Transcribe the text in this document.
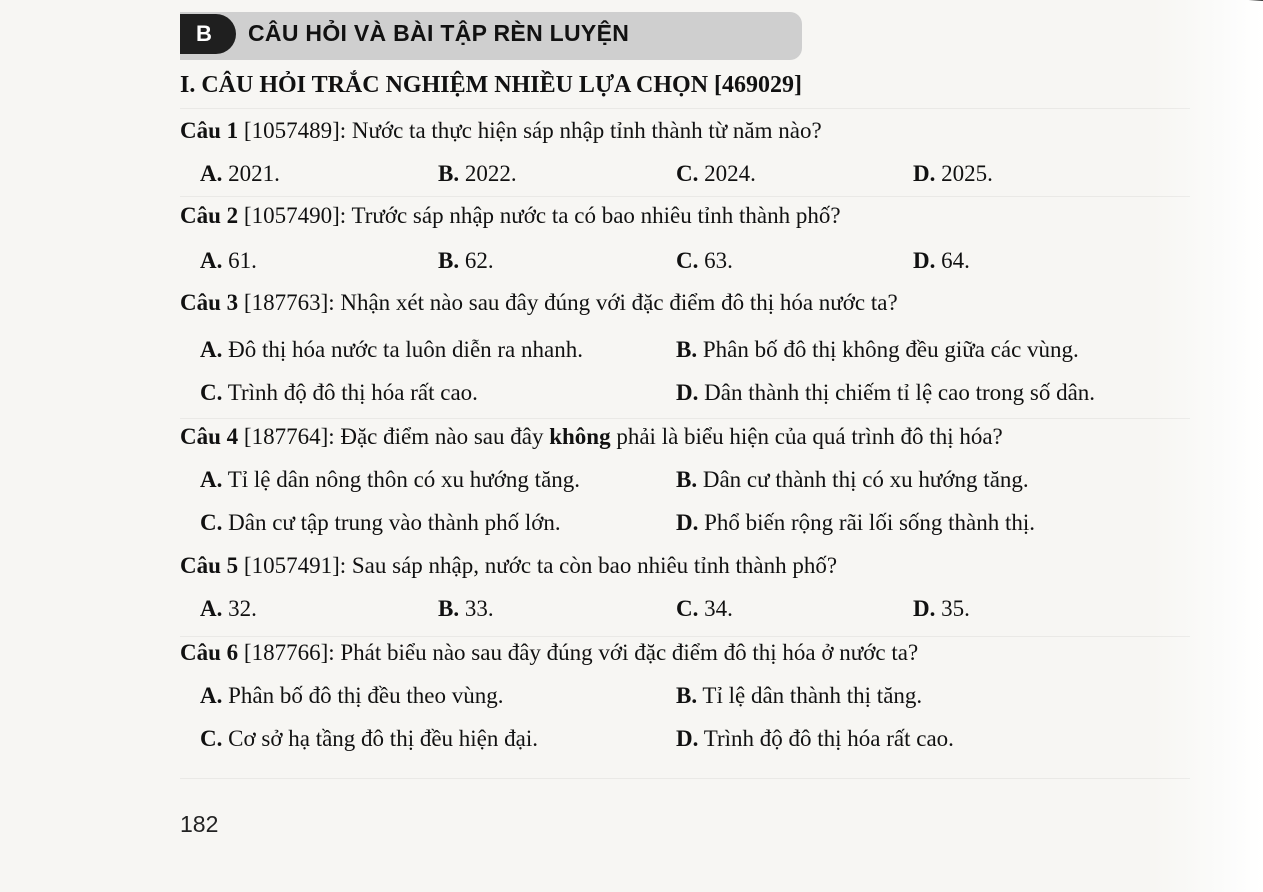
B	CÂU HỎI VÀ BÀI TẬP RÈN LUYỆN
I. CÂU HỎI TRẮC NGHIỆM NHIỀU LỰA CHỌN [469029]
Câu 1 [1057489]: Nước ta thực hiện sáp nhập tỉnh thành từ năm nào?
A. 2021.	B. 2022.	C. 2024.	D. 2025.
Câu 2 [1057490]: Trước sáp nhập nước ta có bao nhiêu tỉnh thành phố?
A. 61.	B. 62.	C. 63.	D. 64.
Câu 3 [187763]: Nhận xét nào sau đây đúng với đặc điểm đô thị hóa nước ta?
A. Đô thị hóa nước ta luôn diễn ra nhanh.	B. Phân bố đô thị không đều giữa các vùng.
C. Trình độ đô thị hóa rất cao.	D. Dân thành thị chiếm tỉ lệ cao trong số dân.
Câu 4 [187764]: Đặc điểm nào sau đây không phải là biểu hiện của quá trình đô thị hóa?
A. Tỉ lệ dân nông thôn có xu hướng tăng.	B. Dân cư thành thị có xu hướng tăng.
C. Dân cư tập trung vào thành phố lớn.	D. Phổ biến rộng rãi lối sống thành thị.
Câu 5 [1057491]: Sau sáp nhập, nước ta còn bao nhiêu tỉnh thành phố?
A. 32.	B. 33.	C. 34.	D. 35.
Câu 6 [187766]: Phát biểu nào sau đây đúng với đặc điểm đô thị hóa ở nước ta?
A. Phân bố đô thị đều theo vùng.	B. Tỉ lệ dân thành thị tăng.
C. Cơ sở hạ tầng đô thị đều hiện đại.	D. Trình độ đô thị hóa rất cao.
182
